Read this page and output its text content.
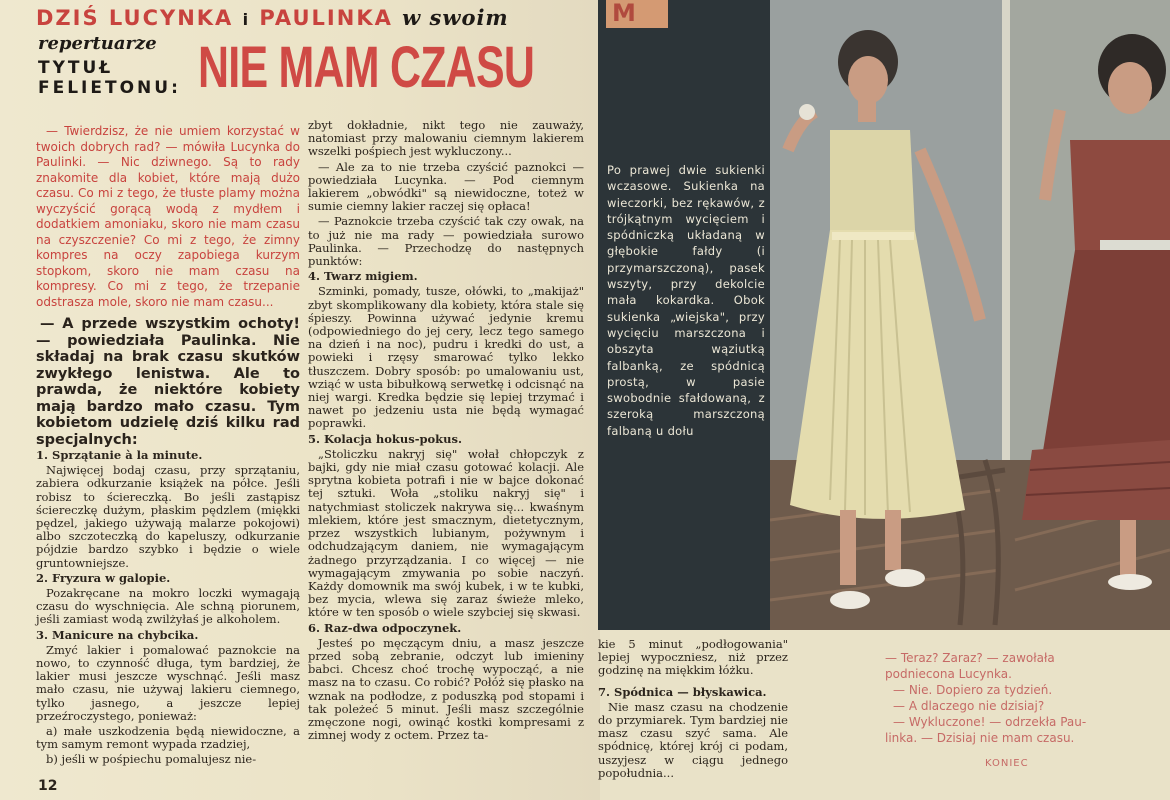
DZIŚ LUCYNKA i PAULINKA w swoim
repertuarze
TYTUŁ
FELIETONU: NIE MAM CZASU

— Twierdzisz, że nie umiem korzystać w twoich dobrych rad? — mówiła Lucynka do Paulinki. — Nic dziwnego. Są to rady znakomite dla kobiet, które mają dużo czasu. Co mi z tego, że tłuste plamy można wyczyścić gorącą wodą z mydłem i dodatkiem amoniaku, skoro nie mam czasu na czyszczenie? Co mi z tego, że zimny kompres na oczy zapobiega kurzym stopkom, skoro nie mam czasu na kompresy. Co mi z tego, że trzepanie odstrasza mole, skoro nie mam czasu...

— A przede wszystkim ochoty! — powiedziała Paulinka. Nie składaj na brak czasu skutków zwykłego lenistwa. Ale to prawda, że niektóre kobiety mają bardzo mało czasu. Tym kobietom udzielę dziś kilku rad specjalnych:

1. Sprzątanie à la minute.

Najwięcej bodaj czasu, przy sprzątaniu, zabiera odkurzanie książek na półce. Jeśli robisz to ściereczką. Bo jeśli zastąpisz ściereczkę dużym, płaskim pędzlem (miękki pędzel, jakiego używają malarze pokojowi) albo szczoteczką do kapeluszy, odkurzanie pójdzie bardzo szybko i będzie o wiele gruntowniejsze.

2. Fryzura w galopie.

Pozakręcane na mokro loczki wymagają czasu do wyschnięcia. Ale schną piorunem, jeśli zamiast wodą zwilżyłaś je alkoholem.

3. Manicure na chybcika.

Zmyć lakier i pomalować paznokcie na nowo, to czynność długa, tym bardziej, że lakier musi jeszcze wyschnąć. Jeśli masz mało czasu, nie używaj lakieru ciemnego, tylko jasnego, a jeszcze lepiej przeźroczystego, ponieważ:

a) małe uszkodzenia będą niewidoczne, a tym samym remont wypada rzadziej,

b) jeśli w pośpiechu pomalujesz nie-

zbyt dokładnie, nikt tego nie zauważy, natomiast przy malowaniu ciemnym lakierem wszelki pośpiech jest wykluczony...

— Ale za to nie trzeba czyścić paznokci — powiedziała Lucynka. — Pod ciemnym lakierem „obwódki" są niewidoczne, toteż w sumie ciemny lakier raczej się opłaca!

— Paznokcie trzeba czyścić tak czy owak, na to już nie ma rady — powiedziała surowo Paulinka. — Przechodzę do następnych punktów:

4. Twarz migiem.

Szminki, pomady, tusze, ołówki, to „makijaż" zbyt skomplikowany dla kobiety, która stale się śpieszy. Powinna używać jedynie kremu (odpowiedniego do jej cery, lecz tego samego na dzień i na noc), pudru i kredki do ust, a powieki i rzęsy smarować tylko lekko tłuszczem. Dobry sposób: po umalowaniu ust, wziąć w usta bibułkową serwetkę i odcisnąć na niej wargi. Kredka będzie się lepiej trzymać i nawet po jedzeniu usta nie będą wymagać poprawki.

5. Kolacja hokus-pokus.

„Stoliczku nakryj się" wołał chłopczyk z bajki, gdy nie miał czasu gotować kolacji. Ale sprytna kobieta potrafi i nie w bajce dokonać tej sztuki. Woła „stoliku nakryj się" i natychmiast stoliczek nakrywa się... kwaśnym mlekiem, które jest smacznym, dietetycznym, przez wszystkich lubianym, pożywnym i odchudzającym daniem, nie wymagającym żadnego przyrządzania. I co więcej — nie wymagającym zmywania po sobie naczyń. Każdy domownik ma swój kubek, i w te kubki, bez mycia, wlewa się zaraz świeże mleko, które w ten sposób o wiele szybciej się skwasi.

6. Raz-dwa odpoczynek.

Jesteś po męczącym dniu, a masz jeszcze przed sobą zebranie, odczyt lub imieniny babci. Chcesz choć trochę wypocząć, a nie masz na to czasu. Co robić? Połóż się płasko na wznak na podłodze, z poduszką pod stopami i tak poleżeć 5 minut. Jeśli masz szczególnie zmęczone nogi, owinąć kostki kompresami z zimnej wody z octem. Przez ta-

M
Po prawej dwie sukienki wczasowe. Sukienka na wieczorki, bez rękawów, z trójkątnym wycięciem i spódniczką układaną w głębokie fałdy (i przymarszczoną), pasek wszyty, przy dekolcie mała kokardka. Obok sukienka „wiejska", przy wycięciu marszczona i obszyta wąziutką falbanką, ze spódnicą prostą, w pasie swobodnie sfałdowaną, z szeroką marszczoną falbaną u dołu

kie 5 minut „podłogowania" lepiej wypoczniesz, niż przez godzinę na miękkim łóżku.

7. Spódnica — błyskawica.

Nie masz czasu na chodzenie do przymiarek. Tym bardziej nie masz czasu szyć sama. Ale spódnicę, której krój ci podam, uszyjesz w ciągu jednego popołudnia...

— Teraz? Zaraz? — zawołała
podniecona Lucynka.
— Nie. Dopiero za tydzień.
— A dlaczego nie dzisiaj?
— Wykluczone! — odrzekła Pau-
linka. — Dzisiaj nie mam czasu.
KONIEC
12
